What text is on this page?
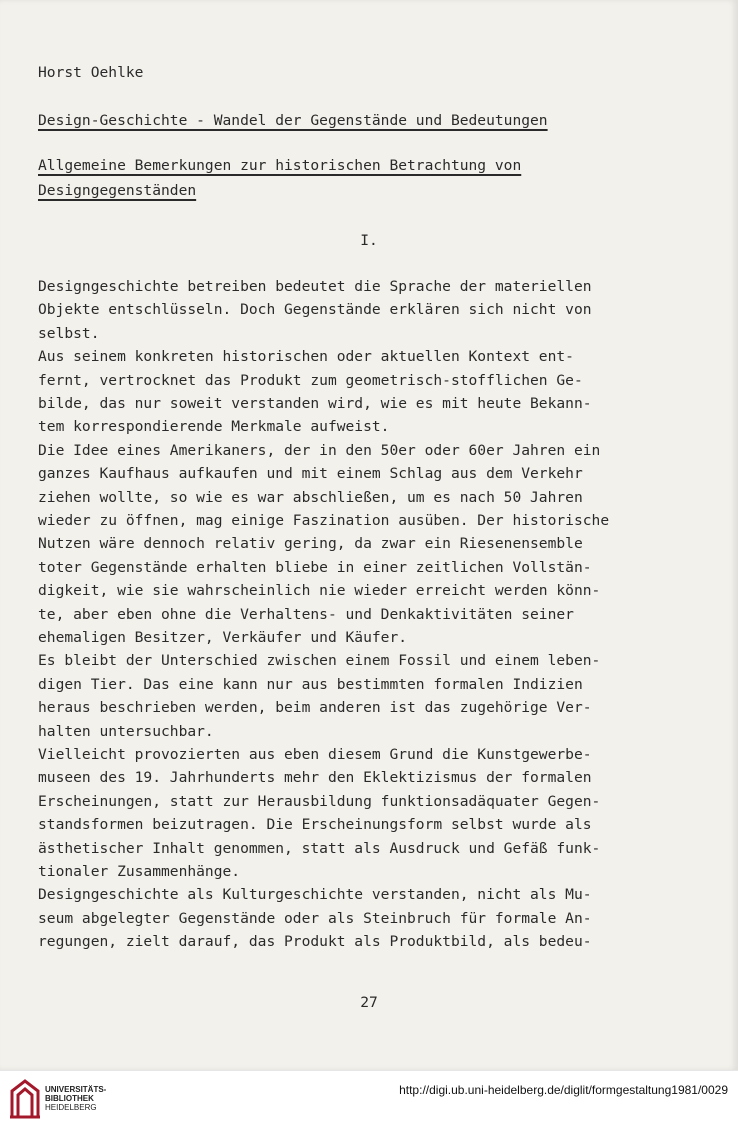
Horst Oehlke
Design-Geschichte - Wandel der Gegenstände und Bedeutungen
Allgemeine Bemerkungen zur historischen Betrachtung von
Designgegenständen
I.
Designgeschichte betreiben bedeutet die Sprache der materiellen
Objekte entschlüsseln. Doch Gegenstände erklären sich nicht von
selbst.
Aus seinem konkreten historischen oder aktuellen Kontext ent-
fernt, vertrocknet das Produkt zum geometrisch-stofflichen Ge-
bilde, das nur soweit verstanden wird, wie es mit heute Bekann-
tem korrespondierende Merkmale aufweist.
Die Idee eines Amerikaners, der in den 50er oder 60er Jahren ein
ganzes Kaufhaus aufkaufen und mit einem Schlag aus dem Verkehr
ziehen wollte, so wie es war abschließen, um es nach 50 Jahren
wieder zu öffnen, mag einige Faszination ausüben. Der historische
Nutzen wäre dennoch relativ gering, da zwar ein Riesenensemble
toter Gegenstände erhalten bliebe in einer zeitlichen Vollstän-
digkeit, wie sie wahrscheinlich nie wieder erreicht werden könn-
te, aber eben ohne die Verhaltens- und Denkaktivitäten seiner
ehemaligen Besitzer, Verkäufer und Käufer.
Es bleibt der Unterschied zwischen einem Fossil und einem leben-
digen Tier. Das eine kann nur aus bestimmten formalen Indizien
heraus beschrieben werden, beim anderen ist das zugehörige Ver-
halten untersuchbar.
Vielleicht provozierten aus eben diesem Grund die Kunstgewerbe-
museen des 19. Jahrhunderts mehr den Eklektizismus der formalen
Erscheinungen, statt zur Herausbildung funktionsadäquater Gegen-
standsformen beizutragen. Die Erscheinungsform selbst wurde als
ästhetischer Inhalt genommen, statt als Ausdruck und Gefäß funk-
tionaler Zusammenhänge.
Designgeschichte als Kulturgeschichte verstanden, nicht als Mu-
seum abgelegter Gegenstände oder als Steinbruch für formale An-
regungen, zielt darauf, das Produkt als Produktbild, als bedeu-
27
UNIVERSITÄTS-
BIBLIOTHEK
HEIDELBERG
http://digi.ub.uni-heidelberg.de/diglit/formgestaltung1981/0029
